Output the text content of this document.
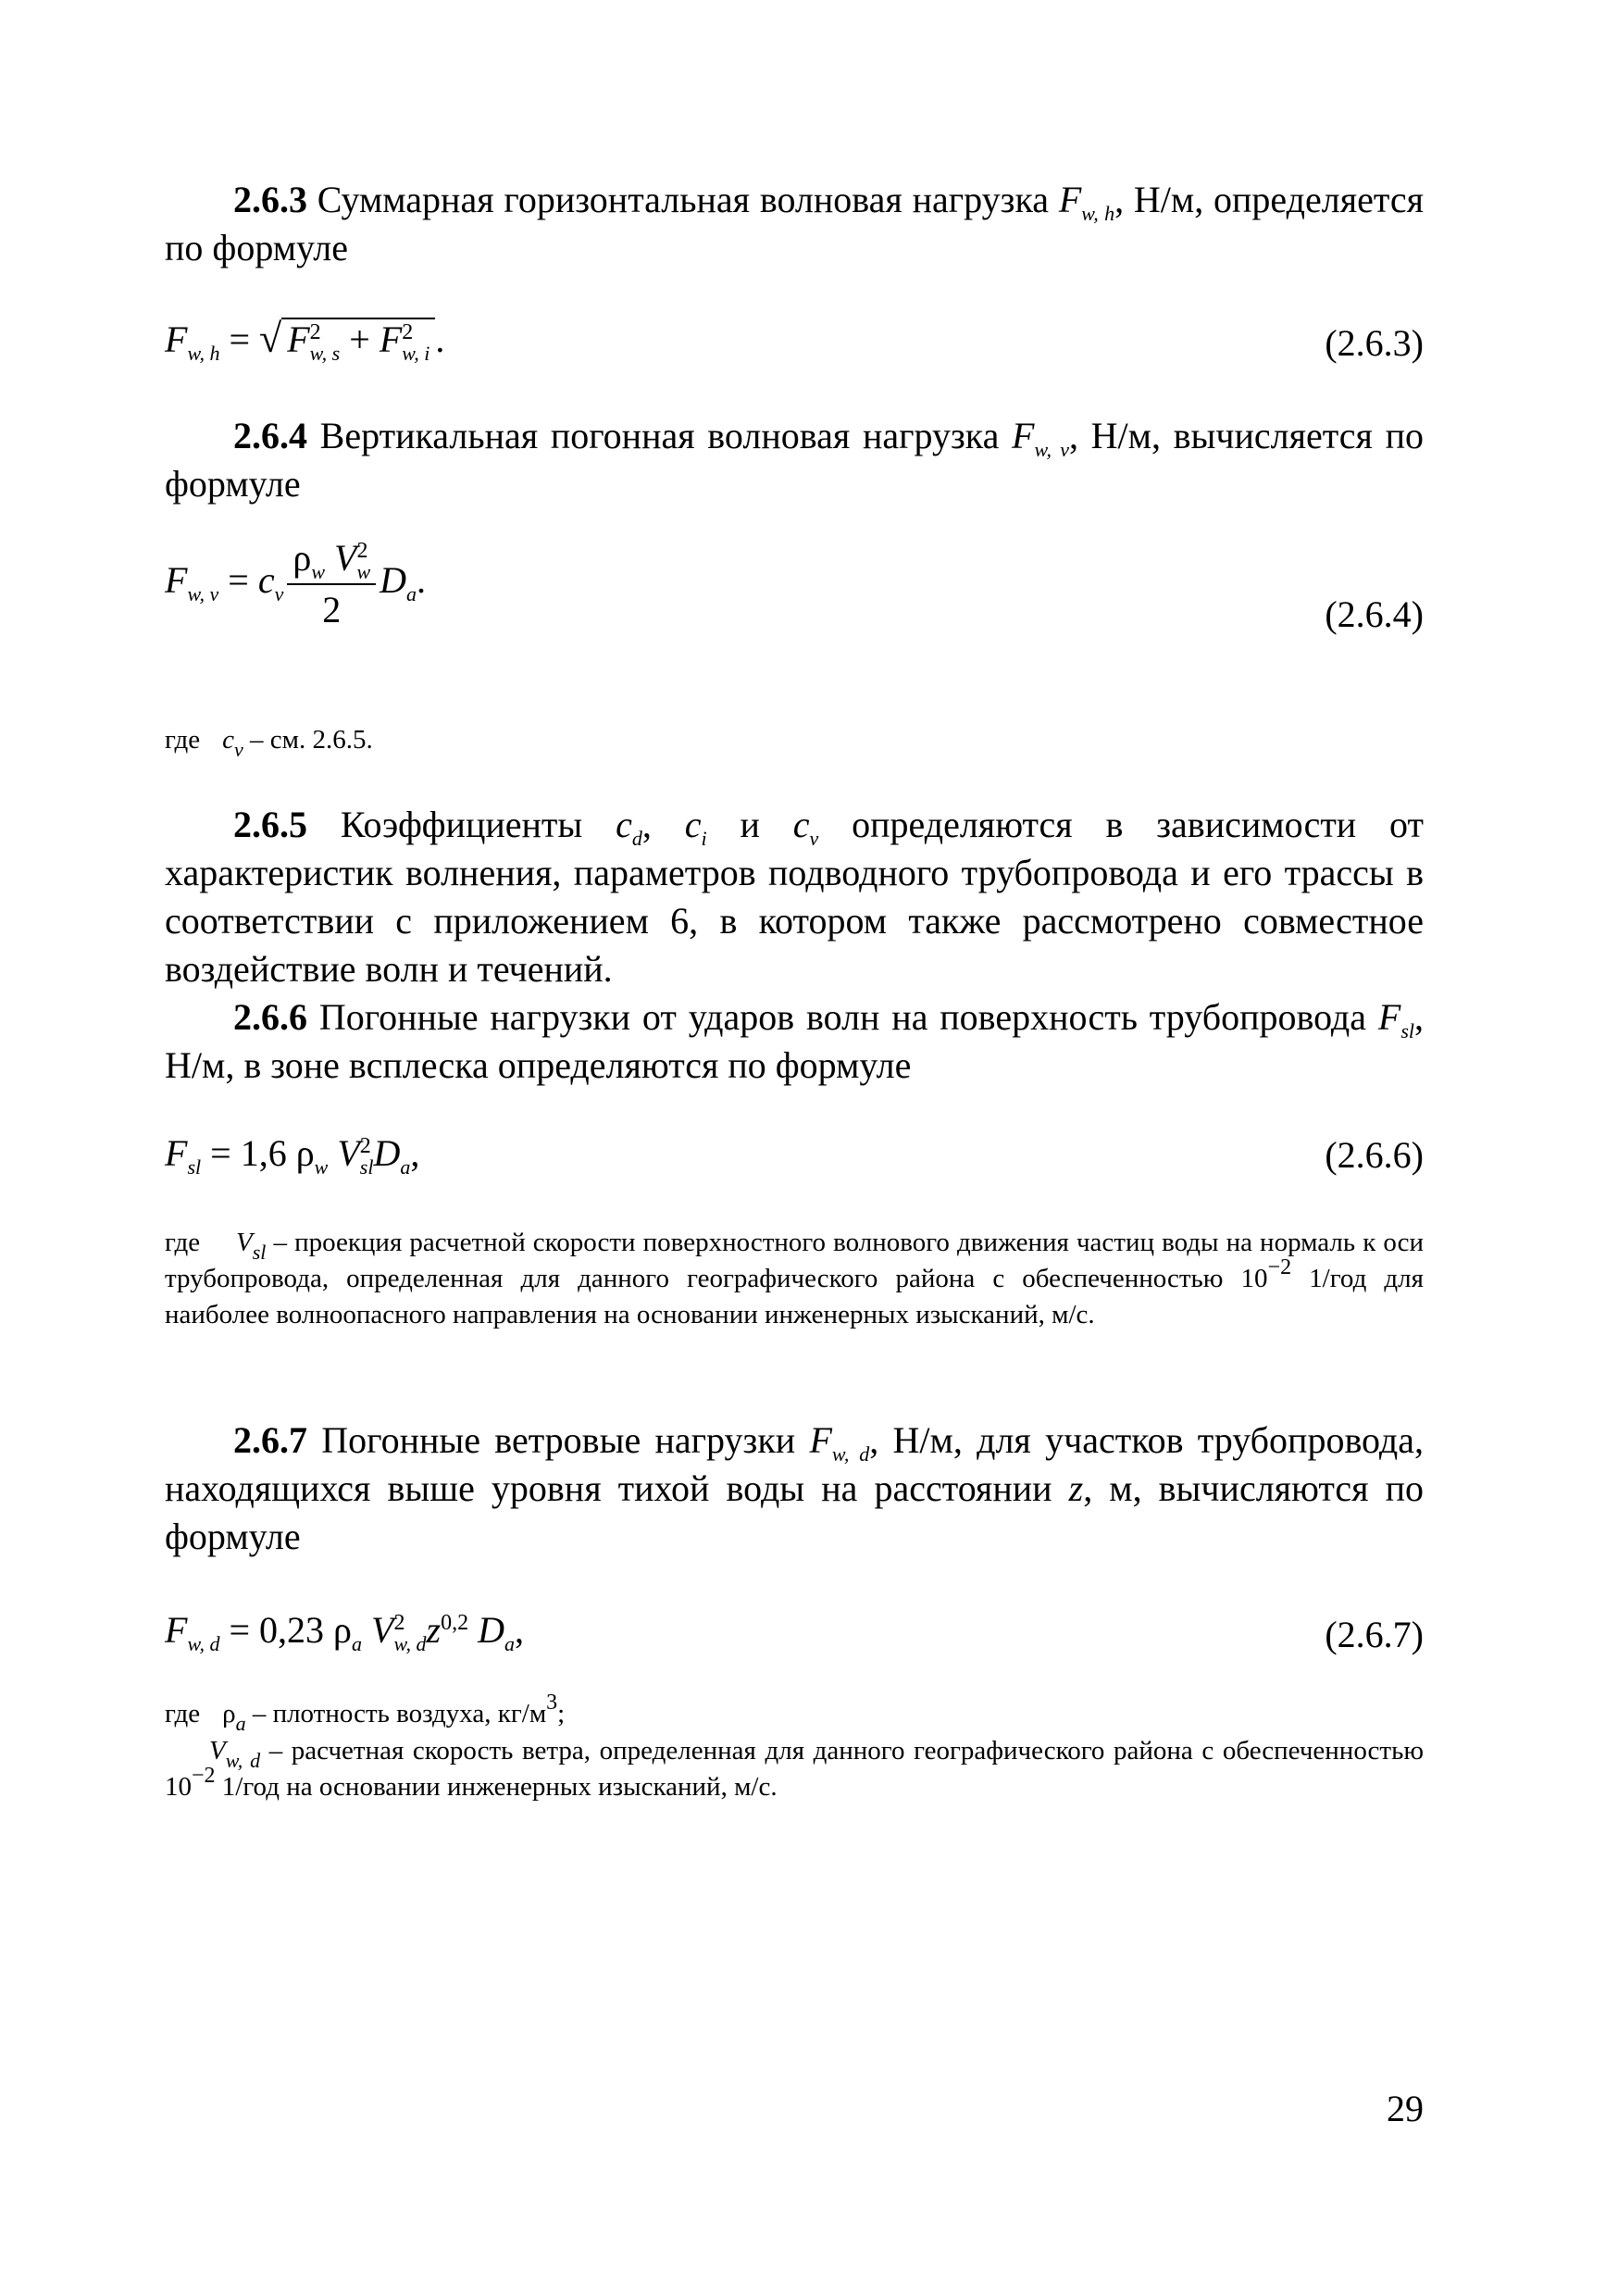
2.6.3 Суммарная горизонтальная волновая нагрузка $F_{w, h}$, Н/м, определяется по формуле

$F_{w, h}$ = √ $F^2_{w, s} + F^2_{w, i}$ .	(2.6.3)

2.6.4 Вертикальная погонная волновая нагрузка $F_{w, v}$, Н/м, вычисляется по формуле

$F_{w, v} = c_v \frac{\rho_w V^2_w}{2} D_a$.
(2.6.4)
где $c_v$ – см. 2.6.5.

2.6.5 Коэффициенты $c_d$, $c_i$ и $c_v$ определяются в зависимости от характеристик волнения, параметров подводного трубопровода и его трассы в соответствии с приложением 6, в котором также рассмотрено совместное воздействие волн и течений.

2.6.6 Погонные нагрузки от ударов волн на поверхность трубопровода $F_{sl}$, Н/м, в зоне всплеска определяются по формуле

$F_{sl} = 1,6$ $\rho_w$ $V^2_{sl}D_a$,	(2.6.6)
где $V_{sl}$ – проекция расчетной скорости поверхностного волнового движения частиц воды на нормаль к оси трубопровода, определенная для данного географического района с обеспеченностью $10^{-2}$ 1/год для наиболее волноопасного направления на основании инженерных изысканий, м/с.

2.6.7 Погонные ветровые нагрузки $F_{w, d}$, Н/м, для участков трубопровода, находящихся выше уровня тихой воды на расстоянии z, м, вычисляются по формуле

$F_{w, d} = 0,23$ $\rho_a$ $V^2_{w, d}z^{0,2}$ $D_a$,	(2.6.7)
где $\rho_a$ – плотность воздуха, $кг/м^3$;
$V_{w, d}$ – расчетная скорость ветра, определенная для данного географического района с обеспеченностью $10^{-2}$ 1/год на основании инженерных изысканий, м/с.
29
